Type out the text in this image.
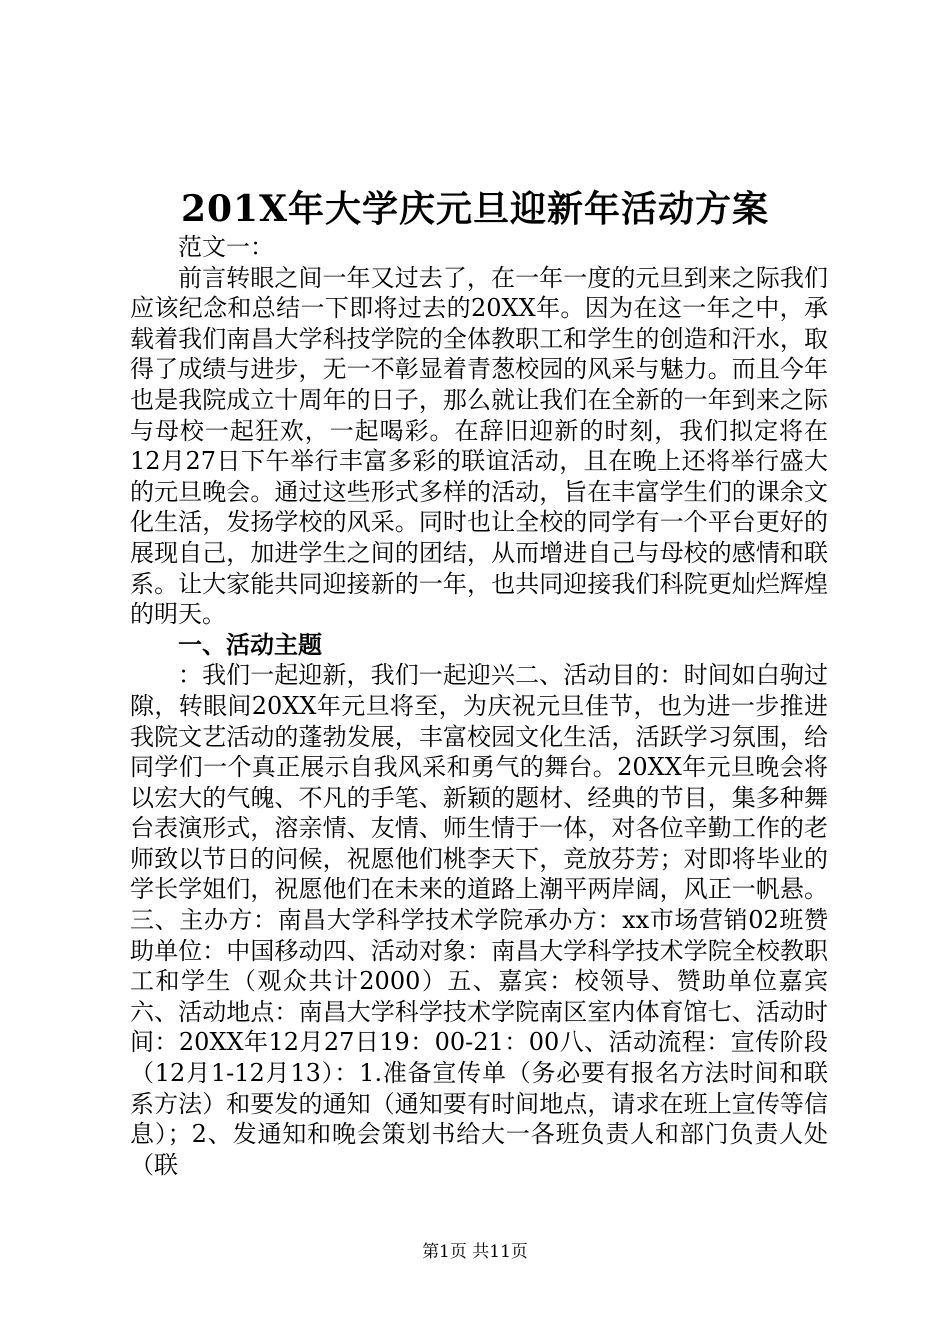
201X年大学庆元旦迎新年活动方案

范文一：

前言转眼之间一年又过去了，在一年一度的元旦到来之际我们应该纪念和总结一下即将过去的20XX年。因为在这一年之中，承载着我们南昌大学科技学院的全体教职工和学生的创造和汗水，取得了成绩与进步，无一不彰显着青葱校园的风采与魅力。而且今年也是我院成立十周年的日子，那么就让我们在全新的一年到来之际与母校一起狂欢，一起喝彩。在辞旧迎新的时刻，我们拟定将在12月27日下午举行丰富多彩的联谊活动，且在晚上还将举行盛大的元旦晚会。通过这些形式多样的活动，旨在丰富学生们的课余文化生活，发扬学校的风采。同时也让全校的同学有一个平台更好的展现自己，加进学生之间的团结，从而增进自己与母校的感情和联系。让大家能共同迎接新的一年，也共同迎接我们科院更灿烂辉煌的明天。

一、活动主题

：我们一起迎新，我们一起迎兴二、活动目的：时间如白驹过隙，转眼间20XX年元旦将至，为庆祝元旦佳节，也为进一步推进我院文艺活动的蓬勃发展，丰富校园文化生活，活跃学习氛围，给同学们一个真正展示自我风采和勇气的舞台。20XX年元旦晚会将以宏大的气魄、不凡的手笔、新颖的题材、经典的节目，集多种舞台表演形式，溶亲情、友情、师生情于一体，对各位辛勤工作的老师致以节日的问候，祝愿他们桃李天下，竞放芬芳；对即将毕业的学长学姐们，祝愿他们在未来的道路上潮平两岸阔，风正一帆悬。三、主办方：南昌大学科学技术学院承办方：xx市场营销02班赞助单位：中国移动四、活动对象：南昌大学科学技术学院全校教职工和学生（观众共计2000）五、嘉宾：校领导、赞助单位嘉宾六、活动地点：南昌大学科学技术学院南区室内体育馆七、活动时间：20XX年12月27日19：00-21：00八、活动流程：宣传阶段（12月1-12月13）：1.准备宣传单（务必要有报名方法时间和联系方法）和要发的通知（通知要有时间地点，请求在班上宣传等信息）；2、发通知和晚会策划书给大一各班负责人和部门负责人处（联

第1页 共11页
